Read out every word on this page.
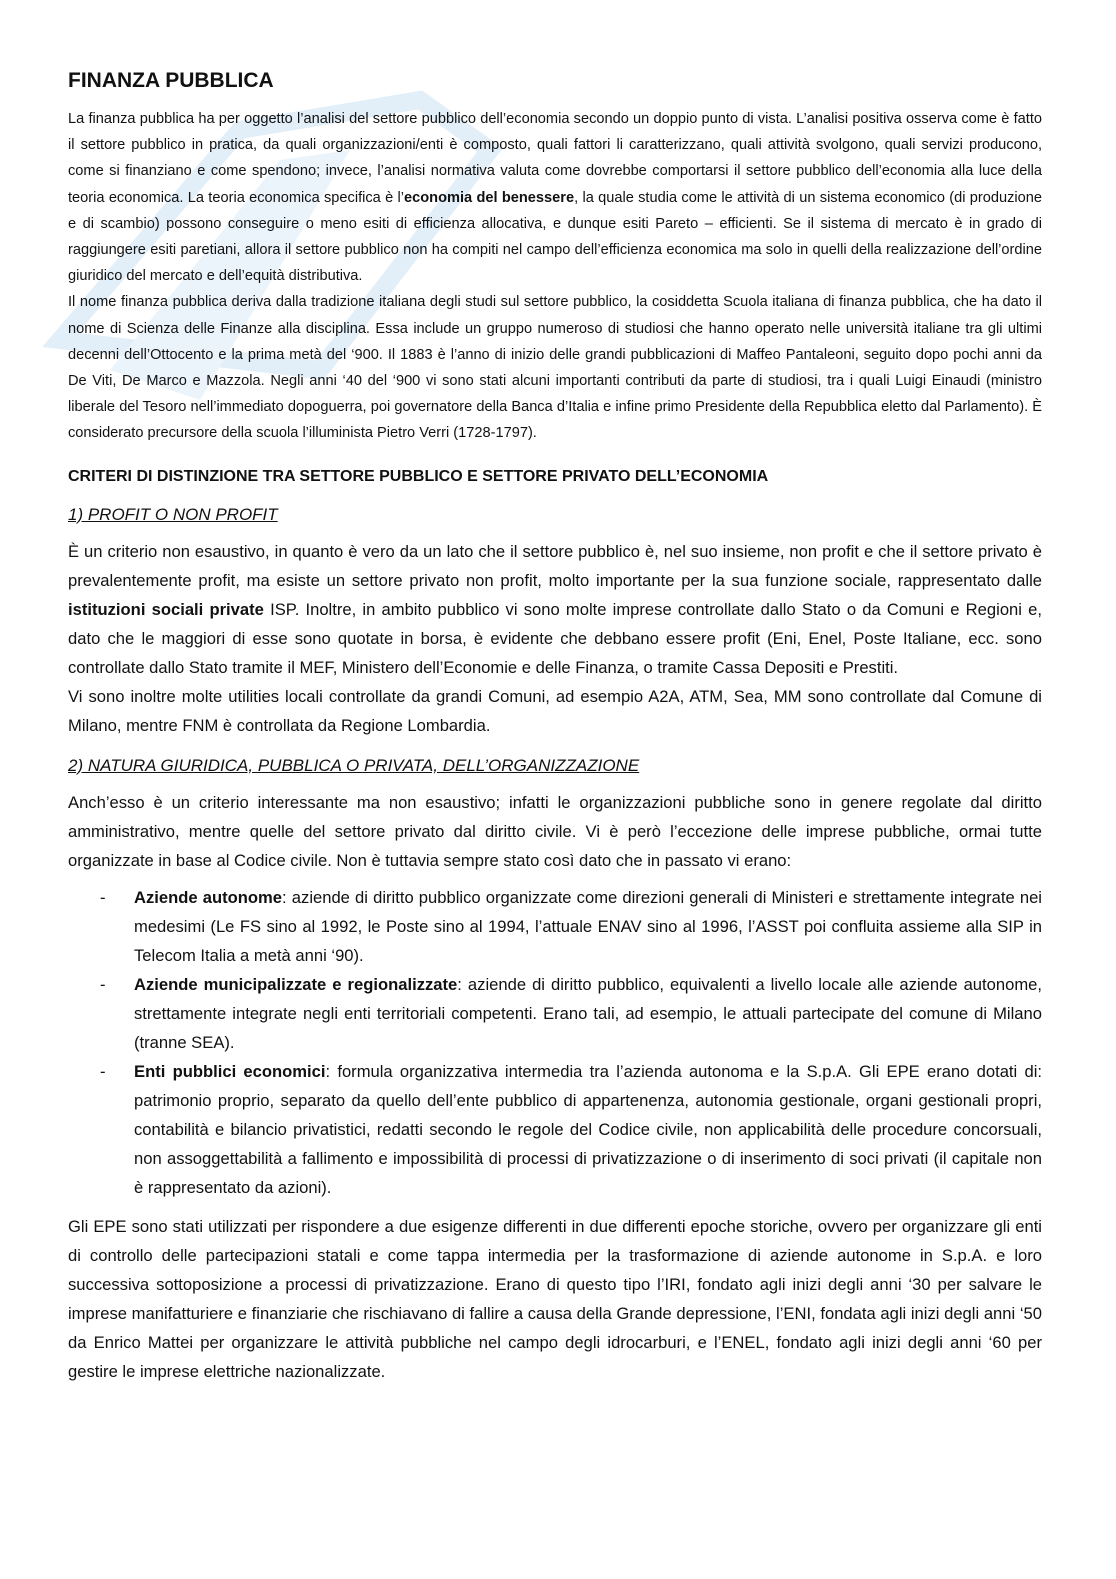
FINANZA PUBBLICA

La finanza pubblica ha per oggetto l’analisi del settore pubblico dell’economia secondo un doppio punto di vista. L’analisi positiva osserva come è fatto il settore pubblico in pratica, da quali organizzazioni/enti è composto, quali fattori li caratterizzano, quali attività svolgono, quali servizi producono, come si finanziano e come spendono; invece, l’analisi normativa valuta come dovrebbe comportarsi il settore pubblico dell’economia alla luce della teoria economica. La teoria economica specifica è l’economia del benessere, la quale studia come le attività di un sistema economico (di produzione e di scambio) possono conseguire o meno esiti di efficienza allocativa, e dunque esiti Pareto – efficienti. Se il sistema di mercato è in grado di raggiungere esiti paretiani, allora il settore pubblico non ha compiti nel campo dell’efficienza economica ma solo in quelli della realizzazione dell’ordine giuridico del mercato e dell’equità distributiva.

Il nome finanza pubblica deriva dalla tradizione italiana degli studi sul settore pubblico, la cosiddetta Scuola italiana di finanza pubblica, che ha dato il nome di Scienza delle Finanze alla disciplina. Essa include un gruppo numeroso di studiosi che hanno operato nelle università italiane tra gli ultimi decenni dell’Ottocento e la prima metà del ‘900. Il 1883 è l’anno di inizio delle grandi pubblicazioni di Maffeo Pantaleoni, seguito dopo pochi anni da De Viti, De Marco e Mazzola. Negli anni ‘40 del ‘900 vi sono stati alcuni importanti contributi da parte di studiosi, tra i quali Luigi Einaudi (ministro liberale del Tesoro nell’immediato dopoguerra, poi governatore della Banca d’Italia e infine primo Presidente della Repubblica eletto dal Parlamento). È considerato precursore della scuola l’illuminista Pietro Verri (1728-1797).

CRITERI DI DISTINZIONE TRA SETTORE PUBBLICO E SETTORE PRIVATO DELL’ECONOMIA
1) PROFIT O NON PROFIT

È un criterio non esaustivo, in quanto è vero da un lato che il settore pubblico è, nel suo insieme, non profit e che il settore privato è prevalentemente profit, ma esiste un settore privato non profit, molto importante per la sua funzione sociale, rappresentato dalle istituzioni sociali private ISP. Inoltre, in ambito pubblico vi sono molte imprese controllate dallo Stato o da Comuni e Regioni e, dato che le maggiori di esse sono quotate in borsa, è evidente che debbano essere profit (Eni, Enel, Poste Italiane, ecc. sono controllate dallo Stato tramite il MEF, Ministero dell’Economie e delle Finanza, o tramite Cassa Depositi e Prestiti.

Vi sono inoltre molte utilities locali controllate da grandi Comuni, ad esempio A2A, ATM, Sea, MM sono controllate dal Comune di Milano, mentre FNM è controllata da Regione Lombardia.

2) NATURA GIURIDICA, PUBBLICA O PRIVATA, DELL’ORGANIZZAZIONE

Anch’esso è un criterio interessante ma non esaustivo; infatti le organizzazioni pubbliche sono in genere regolate dal diritto amministrativo, mentre quelle del settore privato dal diritto civile. Vi è però l’eccezione delle imprese pubbliche, ormai tutte organizzate in base al Codice civile. Non è tuttavia sempre stato così dato che in passato vi erano:

- Aziende autonome: aziende di diritto pubblico organizzate come direzioni generali di Ministeri e strettamente integrate nei medesimi (Le FS sino al 1992, le Poste sino al 1994, l’attuale ENAV sino al 1996, l’ASST poi confluita assieme alla SIP in Telecom Italia a metà anni ‘90).
- Aziende municipalizzate e regionalizzate: aziende di diritto pubblico, equivalenti a livello locale alle aziende autonome, strettamente integrate negli enti territoriali competenti. Erano tali, ad esempio, le attuali partecipate del comune di Milano (tranne SEA).
- Enti pubblici economici: formula organizzativa intermedia tra l’azienda autonoma e la S.p.A. Gli EPE erano dotati di: patrimonio proprio, separato da quello dell’ente pubblico di appartenenza, autonomia gestionale, organi gestionali propri, contabilità e bilancio privatistici, redatti secondo le regole del Codice civile, non applicabilità delle procedure concorsuali, non assoggettabilità a fallimento e impossibilità di processi di privatizzazione o di inserimento di soci privati (il capitale non è rappresentato da azioni).

Gli EPE sono stati utilizzati per rispondere a due esigenze differenti in due differenti epoche storiche, ovvero per organizzare gli enti di controllo delle partecipazioni statali e come tappa intermedia per la trasformazione di aziende autonome in S.p.A. e loro successiva sottoposizione a processi di privatizzazione. Erano di questo tipo l’IRI, fondato agli inizi degli anni ‘30 per salvare le imprese manifatturiere e finanziarie che rischiavano di fallire a causa della Grande depressione, l’ENI, fondata agli inizi degli anni ‘50 da Enrico Mattei per organizzare le attività pubbliche nel campo degli idrocarburi, e l’ENEL, fondato agli inizi degli anni ‘60 per gestire le imprese elettriche nazionalizzate.
